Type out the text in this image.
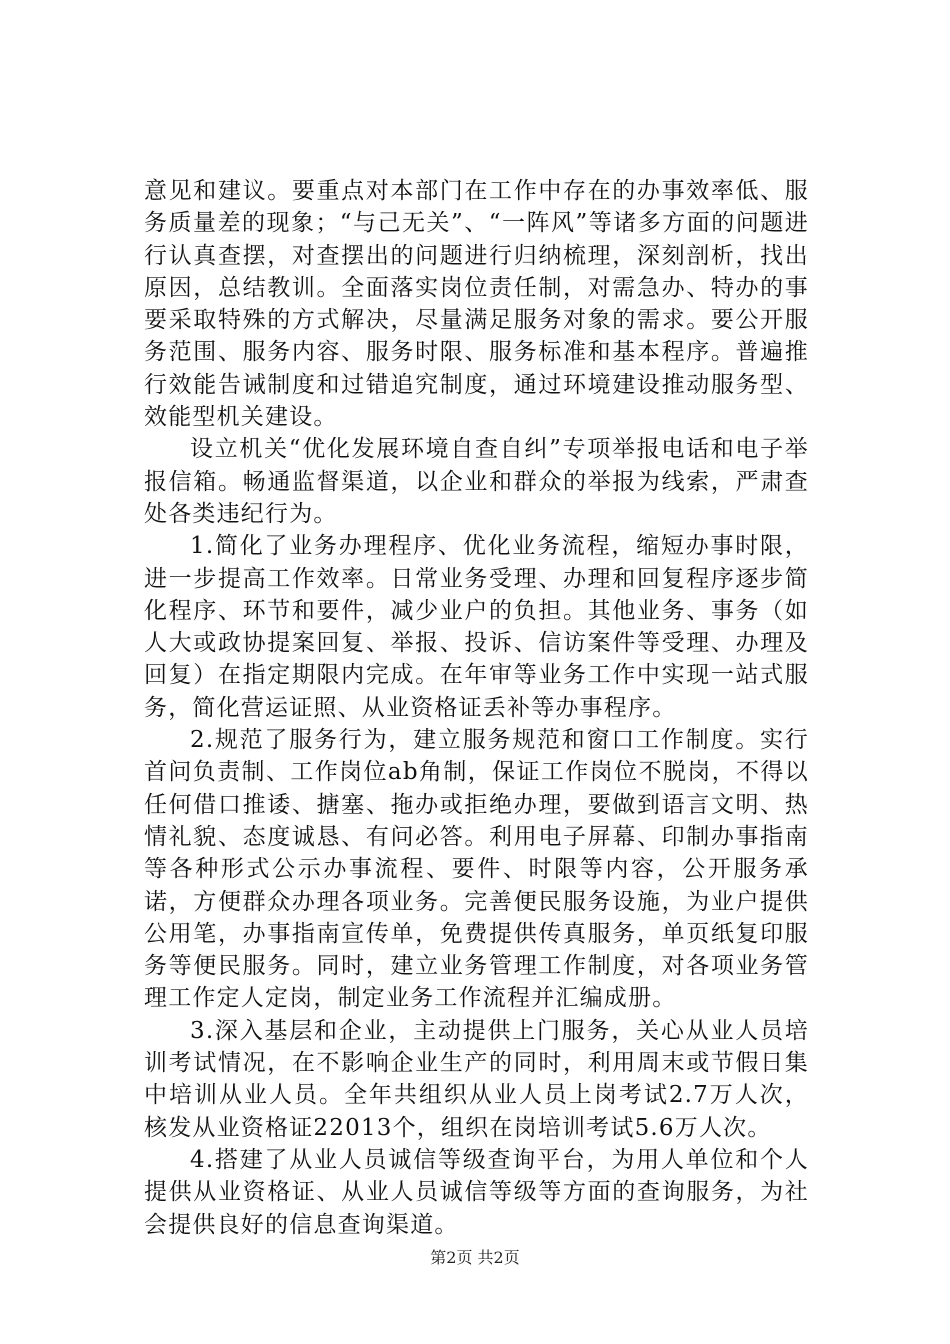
意见和建议。要重点对本部门在工作中存在的办事效率低、服务质量差的现象；“与己无关”、“一阵风”等诸多方面的问题进行认真查摆，对查摆出的问题进行归纳梳理，深刻剖析，找出原因，总结教训。全面落实岗位责任制，对需急办、特办的事要采取特殊的方式解决，尽量满足服务对象的需求。要公开服务范围、服务内容、服务时限、服务标准和基本程序。普遍推行效能告诫制度和过错追究制度，通过环境建设推动服务型、效能型机关建设。

设立机关“优化发展环境自查自纠”专项举报电话和电子举报信箱。畅通监督渠道，以企业和群众的举报为线索，严肃查处各类违纪行为。

1.简化了业务办理程序、优化业务流程，缩短办事时限，进一步提高工作效率。日常业务受理、办理和回复程序逐步简化程序、环节和要件，减少业户的负担。其他业务、事务（如人大或政协提案回复、举报、投诉、信访案件等受理、办理及回复）在指定期限内完成。在年审等业务工作中实现一站式服务，简化营运证照、从业资格证丢补等办事程序。

2.规范了服务行为，建立服务规范和窗口工作制度。实行首问负责制、工作岗位ab角制，保证工作岗位不脱岗，不得以任何借口推诿、搪塞、拖办或拒绝办理，要做到语言文明、热情礼貌、态度诚恳、有问必答。利用电子屏幕、印制办事指南等各种形式公示办事流程、要件、时限等内容，公开服务承诺，方便群众办理各项业务。完善便民服务设施，为业户提供公用笔，办事指南宣传单，免费提供传真服务，单页纸复印服务等便民服务。同时，建立业务管理工作制度，对各项业务管理工作定人定岗，制定业务工作流程并汇编成册。

3.深入基层和企业，主动提供上门服务，关心从业人员培训考试情况，在不影响企业生产的同时，利用周末或节假日集中培训从业人员。全年共组织从业人员上岗考试2.7万人次，核发从业资格证22013个，组织在岗培训考试5.6万人次。

4.搭建了从业人员诚信等级查询平台，为用人单位和个人提供从业资格证、从业人员诚信等级等方面的查询服务，为社会提供良好的信息查询渠道。

第2页 共2页
